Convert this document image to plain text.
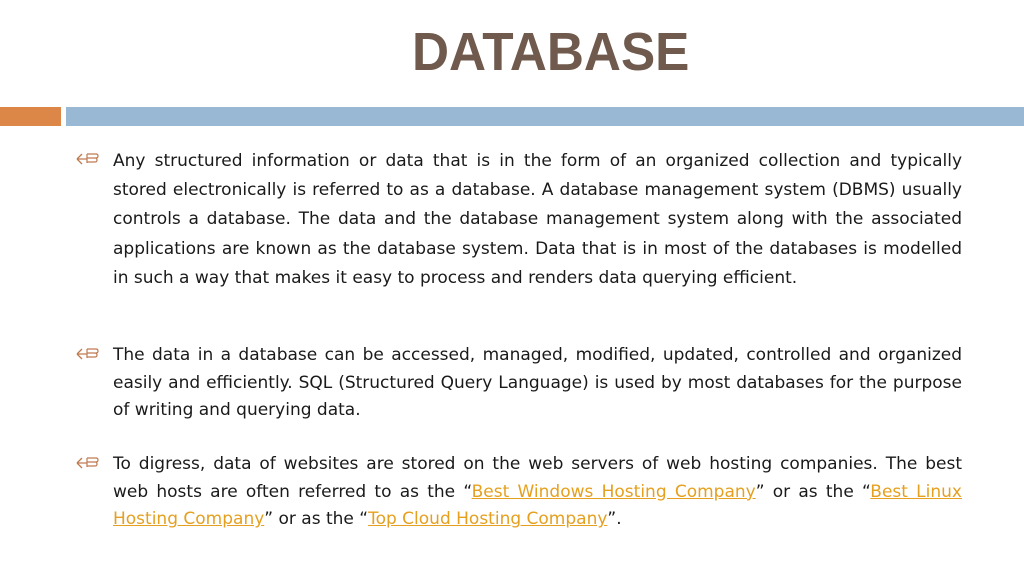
DATABASE
Any structured information or data that is in the form of an organized collection and typically stored electronically is referred to as a database. A database management system (DBMS) usually controls a database. The data and the database management system along with the associated applications are known as the database system. Data that is in most of the databases is modelled in such a way that makes it easy to process and renders data querying efficient.
The data in a database can be accessed, managed, modified, updated, controlled and organized easily and efficiently. SQL (Structured Query Language) is used by most databases for the purpose of writing and querying data.
To digress, data of websites are stored on the web servers of web hosting companies. The best web hosts are often referred to as the “Best Windows Hosting Company” or as the “Best Linux Hosting Company” or as the “Top Cloud Hosting Company”.
